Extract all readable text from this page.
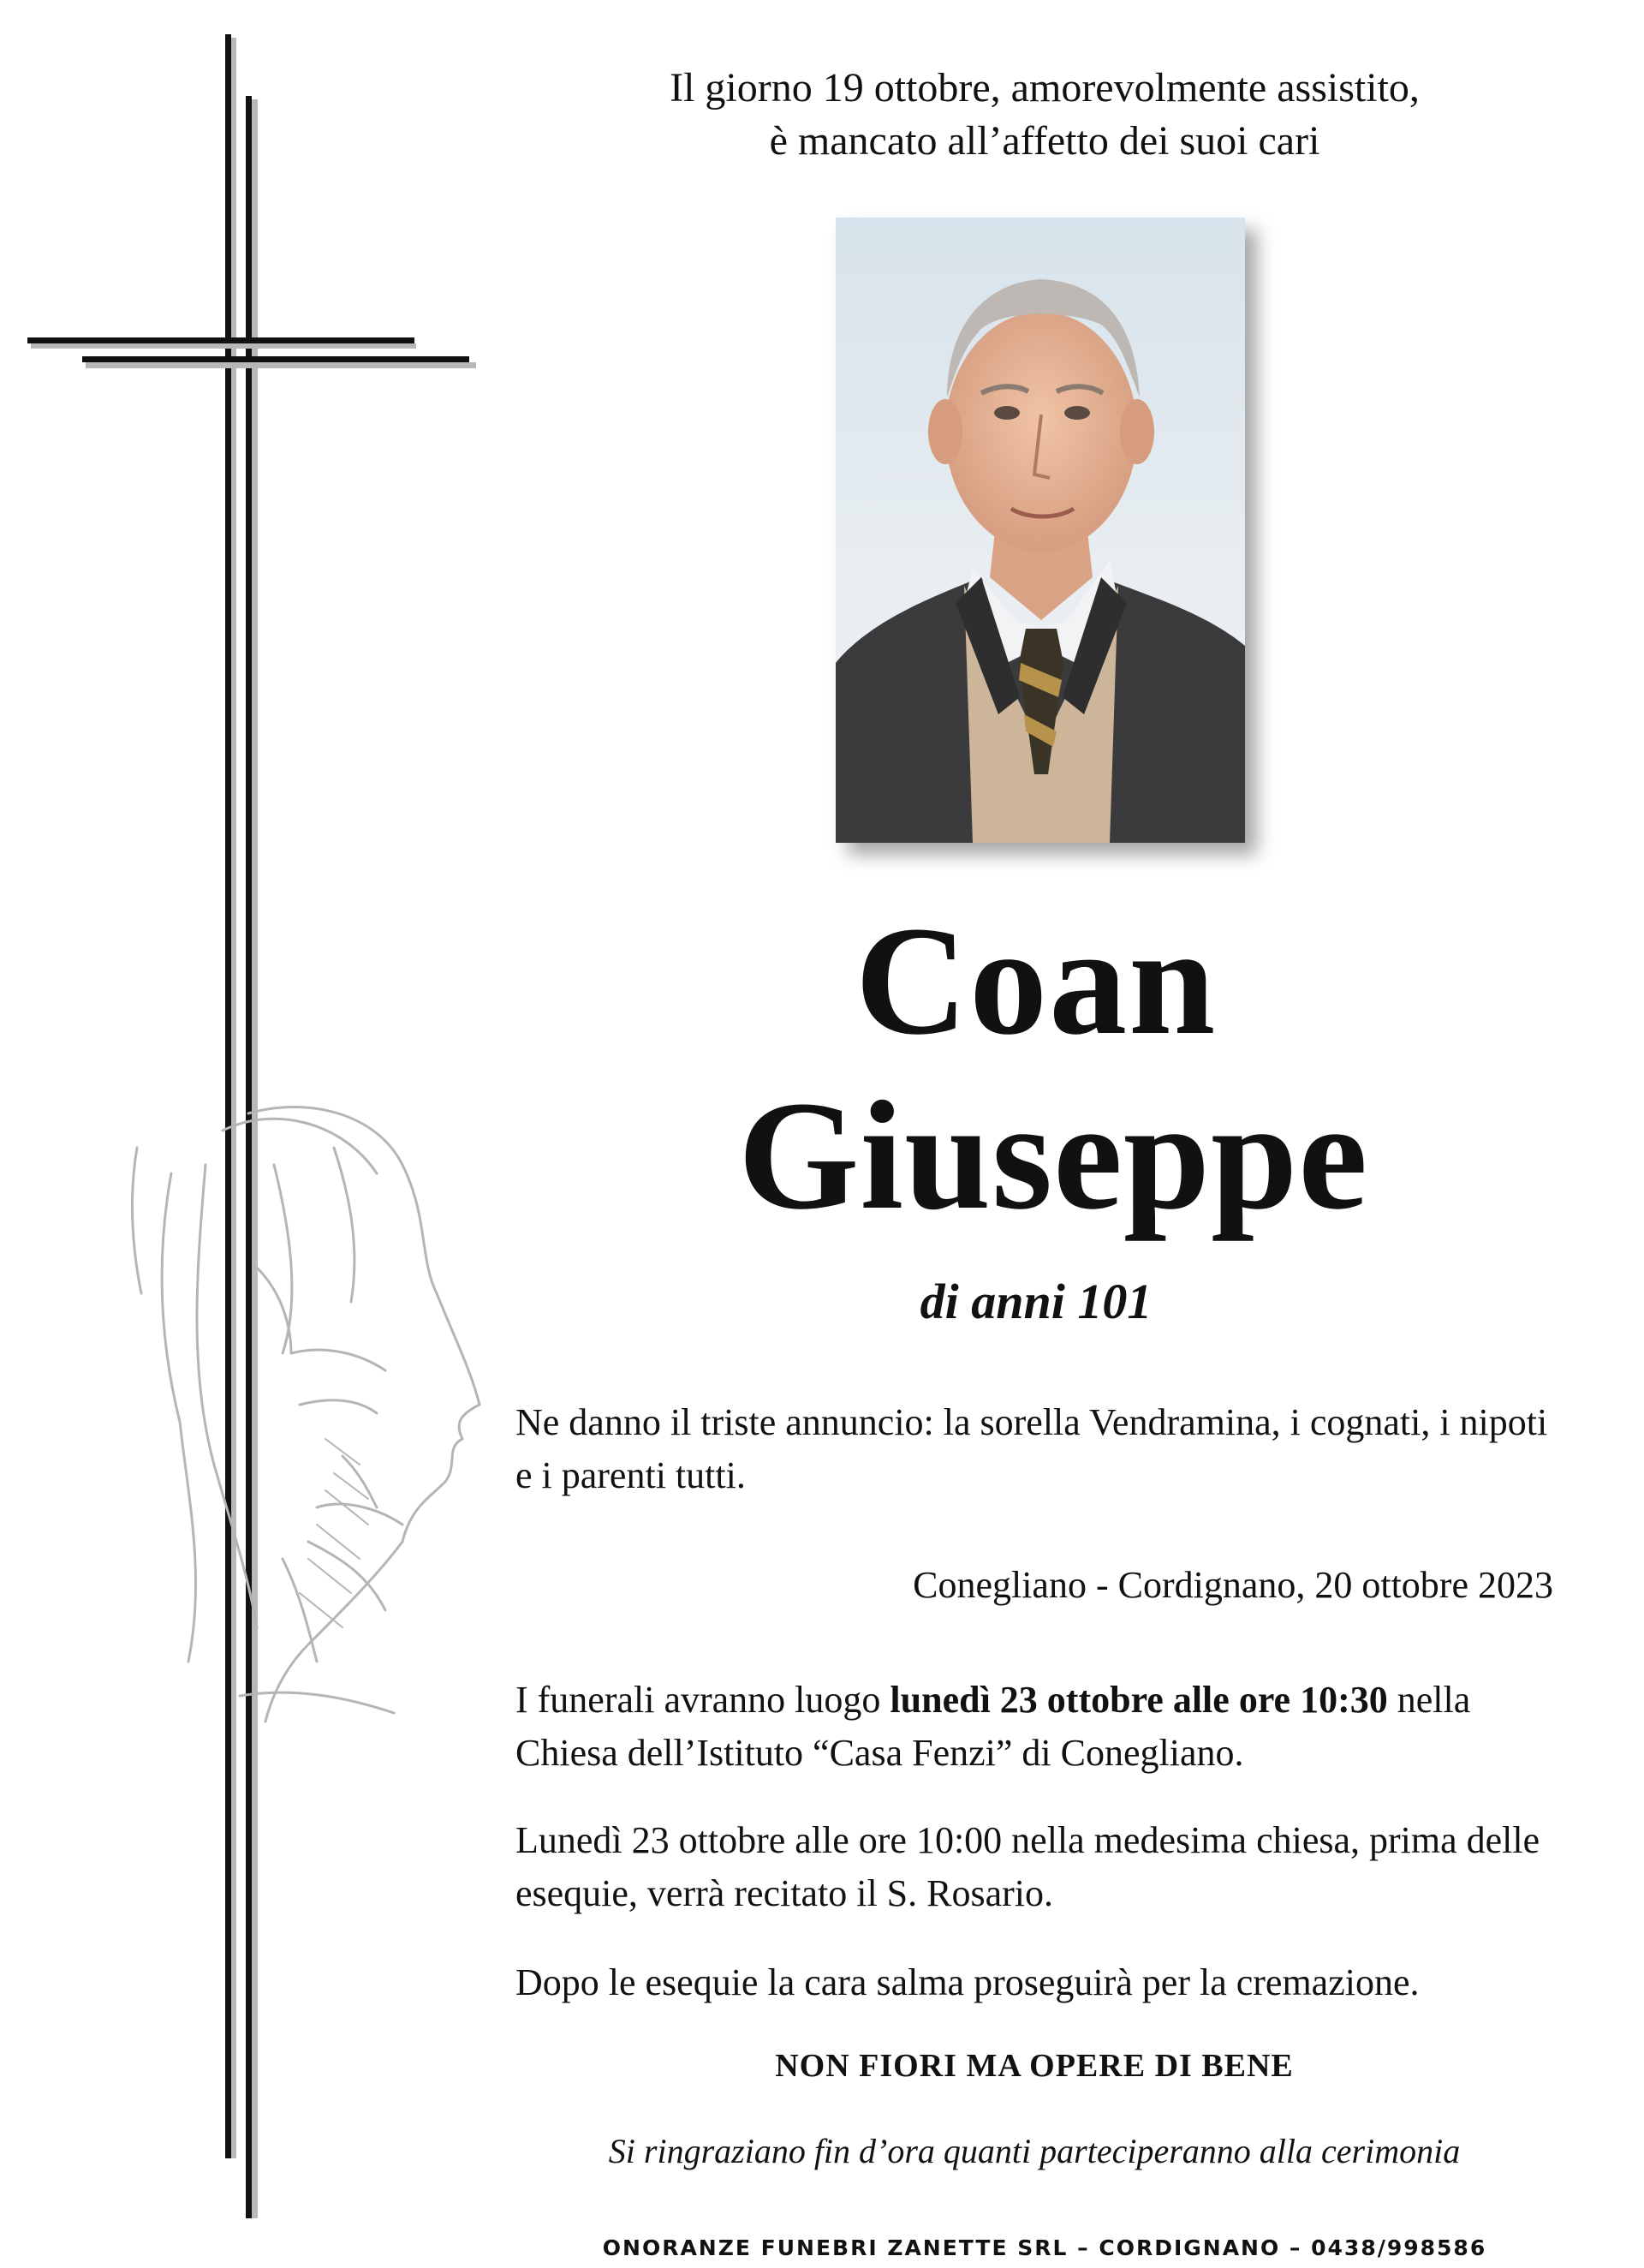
Il giorno 19 ottobre, amorevolmente assistito,
è mancato all’affetto dei suoi cari
Coan
Giuseppe
di anni 101
Ne danno il triste annuncio: la sorella Vendramina, i cognati, i nipoti e i parenti tutti.
Conegliano - Cordignano, 20 ottobre 2023
I funerali avranno luogo lunedì 23 ottobre alle ore 10:30 nella Chiesa dell’Istituto “Casa Fenzi” di Conegliano.
Lunedì 23 ottobre alle ore 10:00 nella medesima chiesa, prima delle esequie, verrà recitato il S. Rosario.
Dopo le esequie la cara salma proseguirà per la cremazione.
NON FIORI MA OPERE DI BENE
Si ringraziano fin d’ora quanti parteciperanno alla cerimonia
ONORANZE FUNEBRI ZANETTE SRL – CORDIGNANO – 0438/998586
